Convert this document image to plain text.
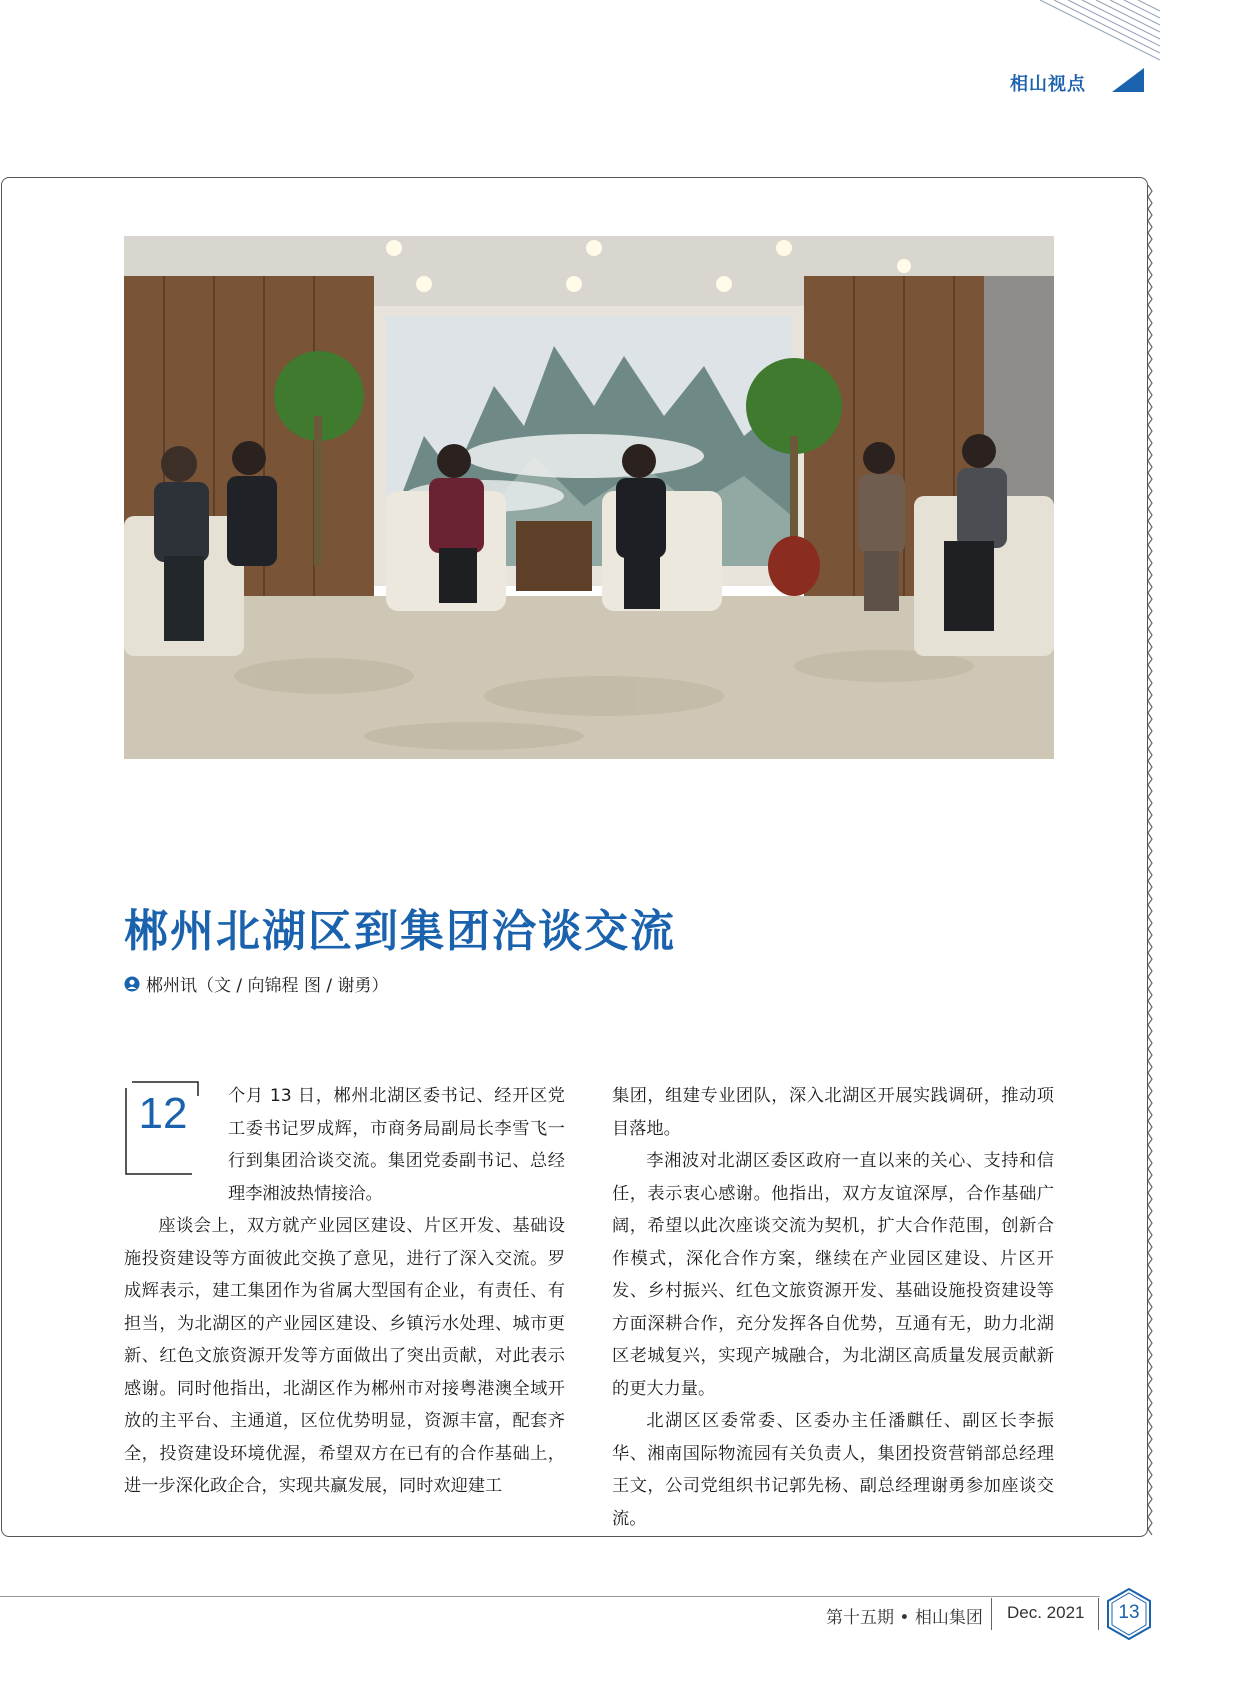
相山视点
郴州北湖区到集团洽谈交流
郴州讯（文 / 向锦程 图 / 谢勇）
12	个月 13 日，郴州北湖区委书记、经开区党工委书记罗成辉，市商务局副局长李雪飞一行到集团洽谈交流。集团党委副书记、总经理李湘波热情接洽。

座谈会上，双方就产业园区建设、片区开发、基础设施投资建设等方面彼此交换了意见，进行了深入交流。罗成辉表示，建工集团作为省属大型国有企业，有责任、有担当，为北湖区的产业园区建设、乡镇污水处理、城市更新、红色文旅资源开发等方面做出了突出贡献，对此表示感谢。同时他指出，北湖区作为郴州市对接粤港澳全域开放的主平台、主通道，区位优势明显，资源丰富，配套齐全，投资建设环境优渥，希望双方在已有的合作基础上，进一步深化政企合，实现共赢发展，同时欢迎建工

集团，组建专业团队，深入北湖区开展实践调研，推动项目落地。

李湘波对北湖区委区政府一直以来的关心、支持和信任，表示衷心感谢。他指出，双方友谊深厚，合作基础广阔，希望以此次座谈交流为契机，扩大合作范围，创新合作模式，深化合作方案，继续在产业园区建设、片区开发、乡村振兴、红色文旅资源开发、基础设施投资建设等方面深耕合作，充分发挥各自优势，互通有无，助力北湖区老城复兴，实现产城融合，为北湖区高质量发展贡献新的更大力量。

北湖区区委常委、区委办主任潘麒任、副区长李振华、湘南国际物流园有关负责人，集团投资营销部总经理王文，公司党组织书记郭先杨、副总经理谢勇参加座谈交流。

第十五期 • 相山集团 Dec. 2021	13
